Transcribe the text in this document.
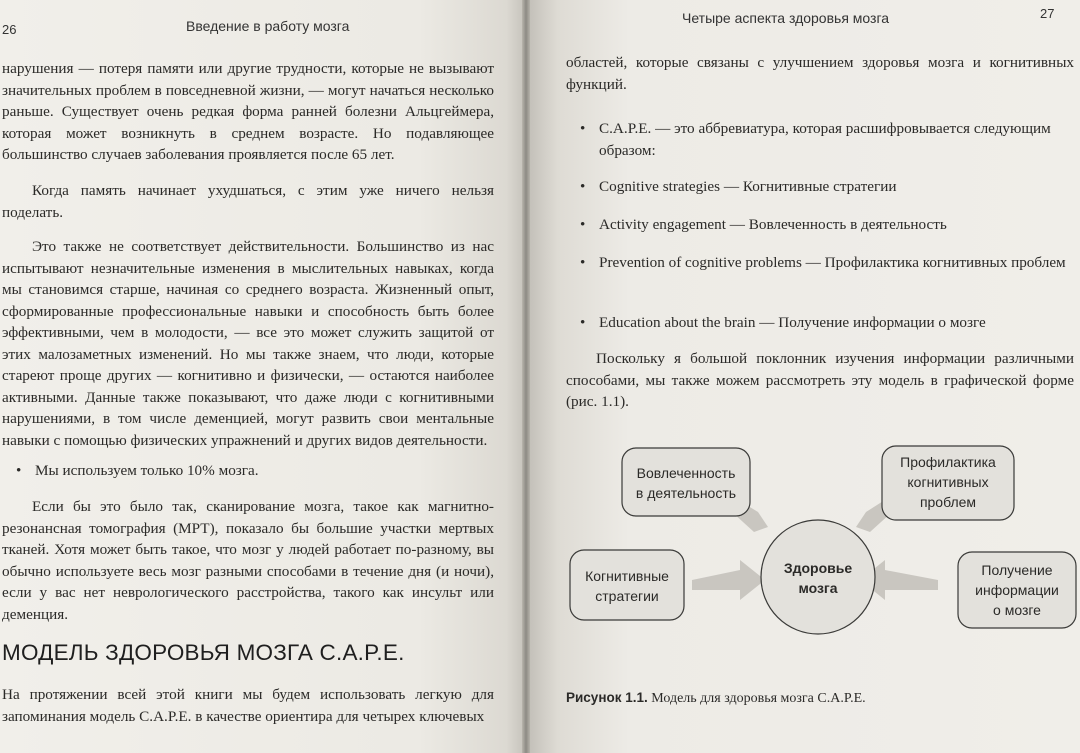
26	Введение в работу мозга

нарушения — потеря памяти или другие трудности, которые не вызывают значительных проблем в повседневной жизни, — могут начаться несколько раньше. Существует очень редкая форма ранней болезни Альцгеймера, которая может возникнуть в среднем возрасте. Но подавляющее большинство случаев заболевания проявляется после 65 лет.

Когда память начинает ухудшаться, с этим уже ничего нельзя поделать.

Это также не соответствует действительности. Большинство из нас испытывают незначительные изменения в мыслительных навыках, когда мы становимся старше, начиная со среднего возраста. Жизненный опыт, сформированные профессиональные навыки и способность быть более эффективными, чем в молодости, — все это может служить защитой от этих малозаметных изменений. Но мы также знаем, что люди, которые стареют проще других — когнитивно и физически, — остаются наиболее активными. Данные также показывают, что даже люди с когнитивными нарушениями, в том числе деменцией, могут развить свои ментальные навыки с помощью физических упражнений и других видов деятельности.

• Мы используем только 10% мозга.

Если бы это было так, сканирование мозга, такое как магнитно-резонансная томография (МРТ), показало бы большие участки мертвых тканей. Хотя может быть такое, что мозг у людей работает по-разному, вы обычно используете весь мозг разными способами в течение дня (и ночи), если у вас нет неврологического расстройства, такого как инсульт или деменция.

МОДЕЛЬ ЗДОРОВЬЯ МОЗГА C.A.P.E.

На протяжении всей этой книги мы будем использовать легкую для запоминания модель C.A.P.E. в качестве ориентира для четырех ключевых

Четыре аспекта здоровья мозга	27

областей, которые связаны с улучшением здоровья мозга и когнитивных функций.

• C.A.P.E. — это аббревиатура, которая расшифровывается следующим образом:
• Cognitive strategies — Когнитивные стратегии
• Activity engagement — Вовлеченность в деятельность
• Prevention of cognitive problems — Профилактика когнитивных проблем
• Education about the brain — Получение информации о мозге

Поскольку я большой поклонник изучения информации различными способами, мы также можем рассмотреть эту модель в графической форме (рис. 1.1).

Вовлеченность
в деятельность
Профилактика
когнитивных
проблем
Когнитивные
стратегии
Получение
информации
о мозге
Здоровье
мозга
Рисунок 1.1. Модель для здоровья мозга C.A.P.E.
